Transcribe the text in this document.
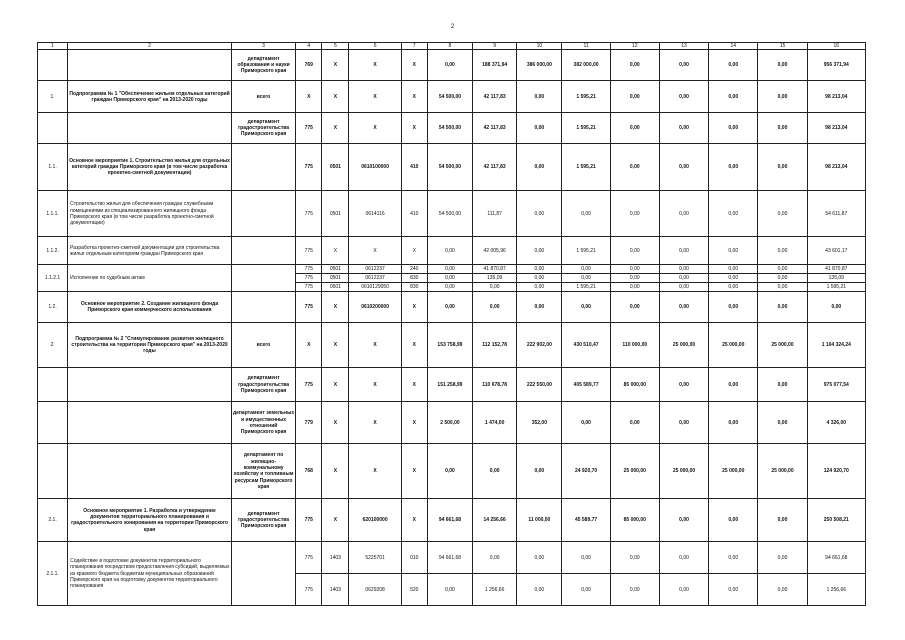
2
1	2	3	4	5	6	7	8	9	10	11	12	13	14	15	16
		департамент образования и науки Приморского края	769	X	X	X	0,00	188 371,94	386 000,00	382 000,00	0,00	0,00	0,00	0,00	956 371,94
1.	Подпрограмма № 1 "Обеспечение жильем отдельных категорий граждан Приморского края" на 2013-2020 годы	всего	X	X	X	X	54 500,00	42 117,83	0,00	1 595,21	0,00	0,00	0,00	0,00	98 213,04
		департамент градостроительства Приморского края	775	X	X	X	54 500,00	42 117,83	0,00	1 595,21	0,00	0,00	0,00	0,00	98 213,04
1.1.	Основное мероприятие 1. Строительство жилья для отдельных категорий граждан Приморского края (в том числе разработка проектно-сметной документации)		775	0501	0610100000	410	54 500,00	42 117,83	0,00	1 595,21	0,00	0,00	0,00	0,00	98 213,04
1.1.1.	Строительство жилья для обеспечения граждан служебными помещениями из специализированного жилищного фонда Приморского края (в том числе разработка проектно-сметной документации)		775	0501	0614116	410	54 500,00	111,87	0,00	0,00	0,00	0,00	0,00	0,00	54 611,87
1.1.2.	Разработка проектно-сметной документации для строительства жилья отдельным категориям граждан Приморского края		775	X	X	X	0,00	42 005,96	0,00	1 595,21	0,00	0,00	0,00	0,00	43 601,17
1.1.2.1	Исполнение по судебным актам		775	0501	0612237	240	0,00	41 870,87	0,00	0,00	0,00	0,00	0,00	0,00	41 870,87
			775	0501	0612237	830	0,00	135,09	0,00	0,00	0,00	0,00	0,00	0,00	135,09
			775	0501	0610129050	830	0,00	0,00	0,00	1 595,21	0,00	0,00	0,00	0,00	1 595,21
1.2.	Основное мероприятие 2. Создание жилищного фонда Приморского края коммерческого использования		775	X	0610200000	X	0,00	0,00	0,00	0,00	0,00	0,00	0,00	0,00	0,00
2.	Подпрограмма № 2 "Стимулирование развития жилищного строительства на территории Приморского края" на 2013-2020 годы	всего	X	X	X	X	153 758,99	112 152,78	222 902,00	430 510,47	110 000,00	25 000,00	25 000,00	25 000,00	1 104 324,24
		департамент градостроительства Приморского края	775	X	X	X	151 258,99	110 678,78	222 550,00	405 589,77	85 000,00	0,00	0,00	0,00	975 077,54
		департамент земельных и имущественных отношений Приморского края	779	X	X	X	2 500,00	1 474,00	352,00	0,00	0,00	0,00	0,00	0,00	4 326,00
		департамент по жилищно-коммунальному хозяйству и топливным ресурсам Приморского края	768	X	X	X	0,00	0,00	0,00	24 920,70	25 000,00	25 000,00	25 000,00	25 000,00	124 920,70
2.1.	Основное мероприятие 1. Разработка и утверждение документов территориального планирования и градостроительного зонирования на территории Приморского края	департамент градостроительства Приморского края	775	X	620100000	X	94 661,68	14 256,66	11 000,00	45 589,77	85 000,00	0,00	0,00	0,00	250 508,21
2.1.1.	Содействие в подготовке документов территориального планирования посредством предоставления субсидий, выделяемых из краевого бюджета бюджетам муниципальных образований Приморского края на подготовку документов территориального планирования		775	1403	5225701	010	94 661,68	0,00	0,00	0,00	0,00	0,00	0,00	0,00	94 661,68
			775	1403	0629208	520	0,00	1 256,66	0,00	0,00	0,00	0,00	0,00	0,00	1 256,66
